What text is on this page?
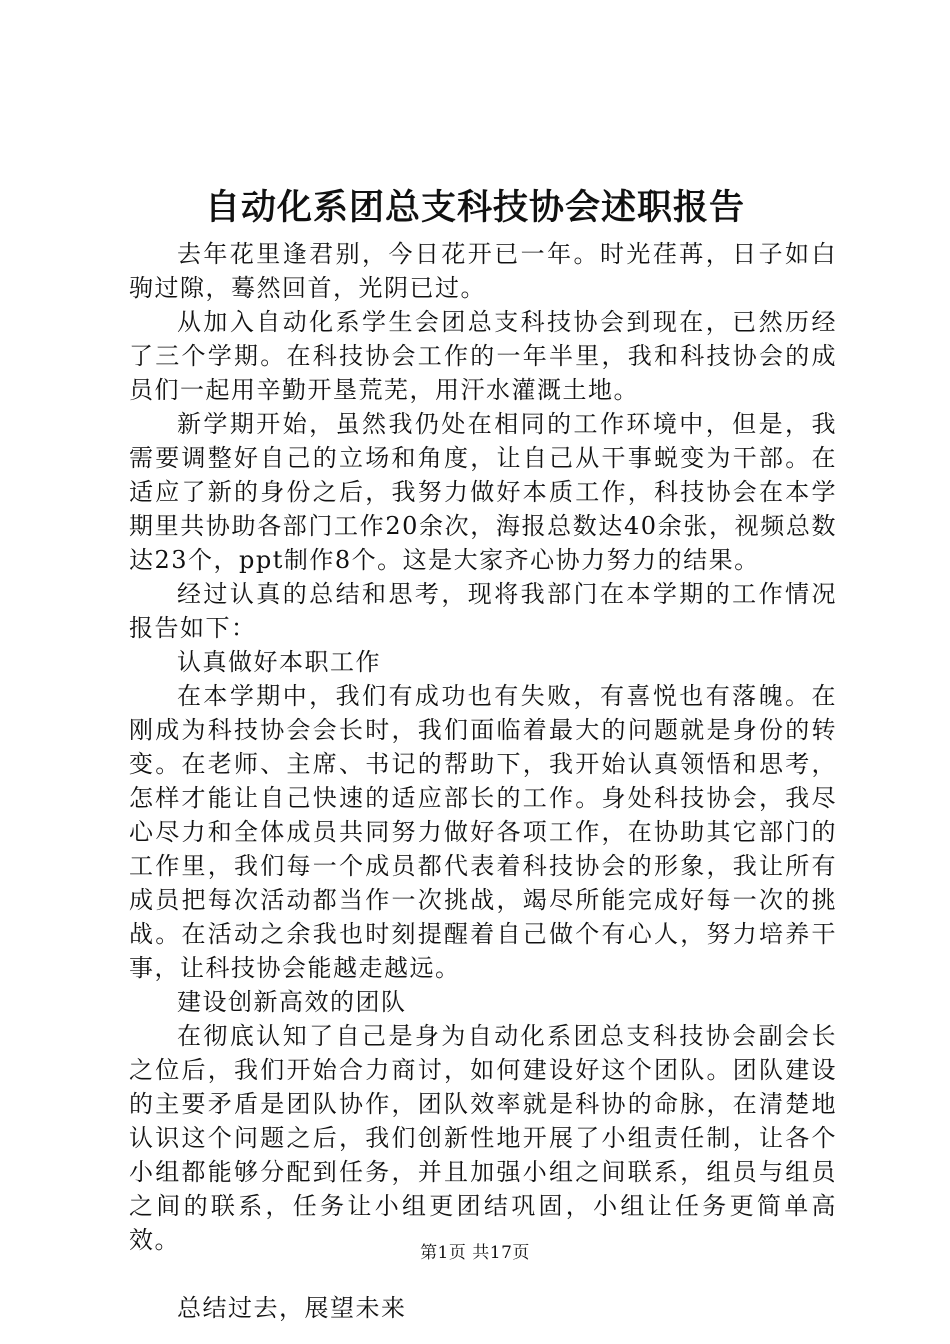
自动化系团总支科技协会述职报告

去年花里逢君别，今日花开已一年。时光荏苒，日子如白驹过隙，蓦然回首，光阴已过。

从加入自动化系学生会团总支科技协会到现在，已然历经了三个学期。在科技协会工作的一年半里，我和科技协会的成员们一起用辛勤开垦荒芜，用汗水灌溉土地。

新学期开始，虽然我仍处在相同的工作环境中，但是，我需要调整好自己的立场和角度，让自己从干事蜕变为干部。在适应了新的身份之后，我努力做好本质工作，科技协会在本学期里共协助各部门工作20余次，海报总数达40余张，视频总数达23个，ppt制作8个。这是大家齐心协力努力的结果。

经过认真的总结和思考，现将我部门在本学期的工作情况报告如下：

认真做好本职工作

在本学期中，我们有成功也有失败，有喜悦也有落魄。在刚成为科技协会会长时，我们面临着最大的问题就是身份的转变。在老师、主席、书记的帮助下，我开始认真领悟和思考，怎样才能让自己快速的适应部长的工作。身处科技协会，我尽心尽力和全体成员共同努力做好各项工作，在协助其它部门的工作里，我们每一个成员都代表着科技协会的形象，我让所有成员把每次活动都当作一次挑战，竭尽所能完成好每一次的挑战。在活动之余我也时刻提醒着自己做个有心人，努力培养干事，让科技协会能越走越远。

建设创新高效的团队

在彻底认知了自己是身为自动化系团总支科技协会副会长之位后，我们开始合力商讨，如何建设好这个团队。团队建设的主要矛盾是团队协作，团队效率就是科协的命脉，在清楚地认识这个问题之后，我们创新性地开展了小组责任制，让各个小组都能够分配到任务，并且加强小组之间联系，组员与组员之间的联系，任务让小组更团结巩固，小组让任务更简单高效。

总结过去，展望未来

第1页 共17页
